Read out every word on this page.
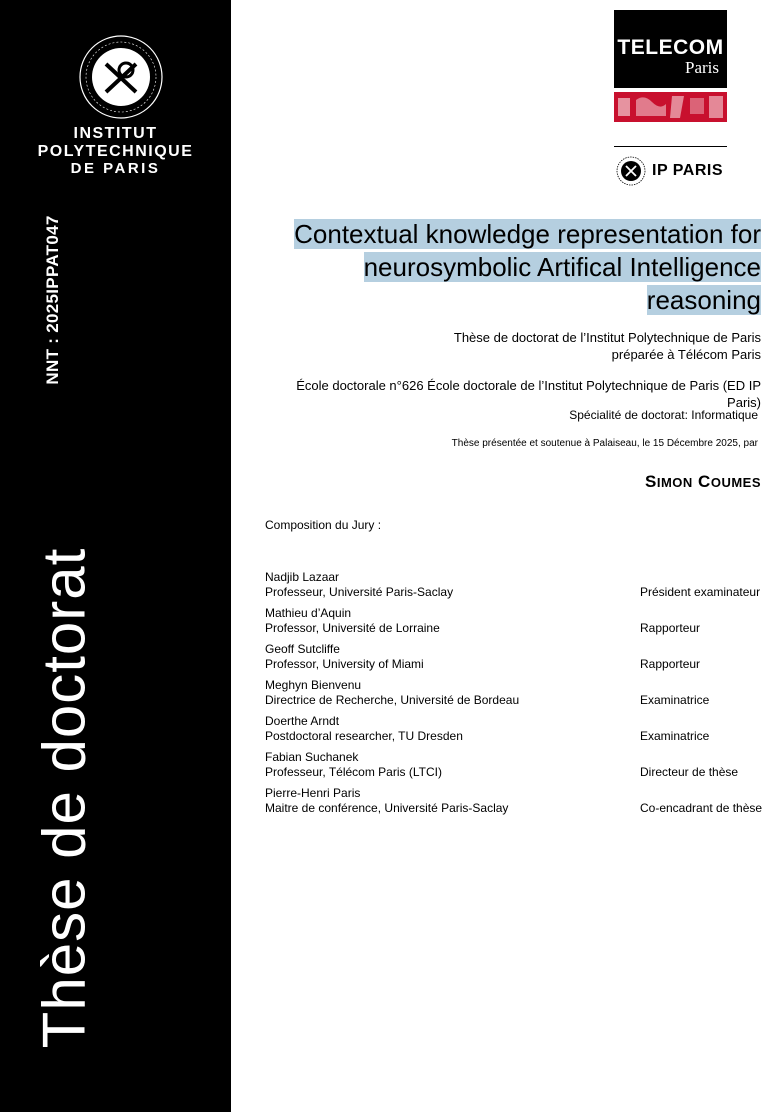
INSTITUT
POLYTECHNIQUE
DE PARIS
NNT : 2025IPPAT047
Thèse de doctorat
TELECOM
Paris
IP PARIS
Contextual knowledge representation for neurosymbolic Artifical Intelligence reasoning
Thèse de doctorat de l’Institut Polytechnique de Paris
préparée à Télécom Paris
École doctorale n°626 École doctorale de l’Institut Polytechnique de Paris (ED IP Paris)
Spécialité de doctorat: Informatique
Thèse présentée et soutenue à Palaiseau, le 15 Décembre 2025, par
SIMON COUMES
Composition du Jury :
Nadjib Lazaar
Professeur, Université Paris-Saclay	Président examinateur
Mathieu d’Aquin
Professor, Université de Lorraine	Rapporteur
Geoff Sutcliffe
Professor, University of Miami	Rapporteur
Meghyn Bienvenu
Directrice de Recherche, Université de Bordeau	Examinatrice
Doerthe Arndt
Postdoctoral researcher, TU Dresden	Examinatrice
Fabian Suchanek
Professeur, Télécom Paris (LTCI)	Directeur de thèse
Pierre-Henri Paris
Maitre de conférence, Université Paris-Saclay	Co-encadrant de thèse
